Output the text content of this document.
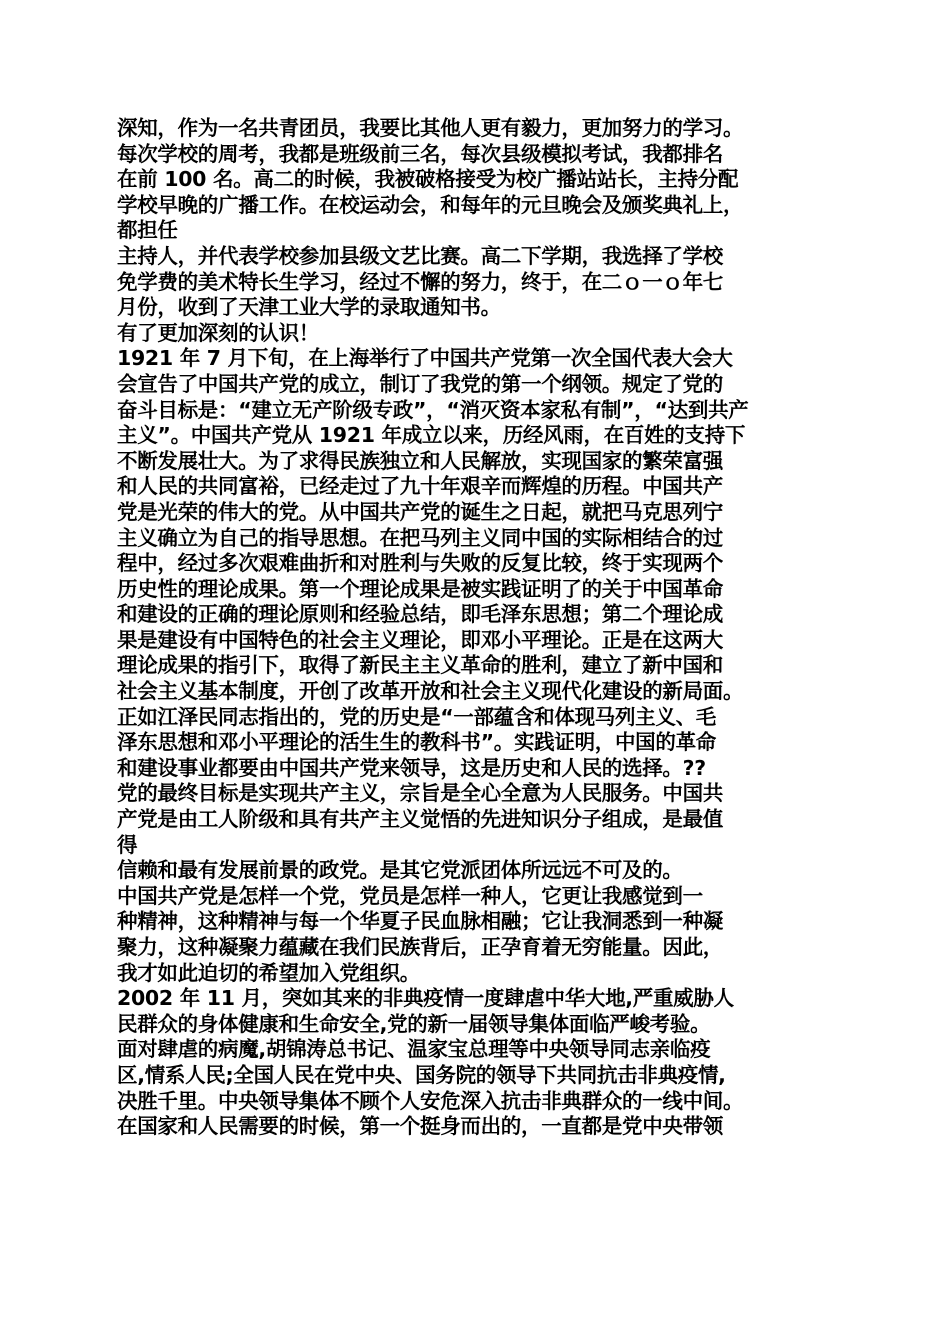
深知，作为一名共青团员，我要比其他人更有毅力，更加努力的学习。
每次学校的周考，我都是班级前三名，每次县级模拟考试，我都排名
在前 100 名。高二的时候，我被破格接受为校广播站站长，主持分配
学校早晚的广播工作。在校运动会，和每年的元旦晚会及颁奖典礼上，
都担任
主持人，并代表学校参加县级文艺比赛。高二下学期，我选择了学校
免学费的美术特长生学习，经过不懈的努力，终于，在二ｏ一ｏ年七
月份，收到了天津工业大学的录取通知书。
有了更加深刻的认识！
1921 年 7 月下旬，在上海举行了中国共产党第一次全国代表大会大
会宣告了中国共产党的成立，制订了我党的第一个纲领。规定了党的
奋斗目标是：“建立无产阶级专政”，“消灭资本家私有制”，“达到共产
主义”。中国共产党从 1921 年成立以来，历经风雨，在百姓的支持下
不断发展壮大。为了求得民族独立和人民解放，实现国家的繁荣富强
和人民的共同富裕，已经走过了九十年艰辛而辉煌的历程。中国共产
党是光荣的伟大的党。从中国共产党的诞生之日起，就把马克思列宁
主义确立为自己的指导思想。在把马列主义同中国的实际相结合的过
程中，经过多次艰难曲折和对胜利与失败的反复比较，终于实现两个
历史性的理论成果。第一个理论成果是被实践证明了的关于中国革命
和建设的正确的理论原则和经验总结，即毛泽东思想；第二个理论成
果是建设有中国特色的社会主义理论，即邓小平理论。正是在这两大
理论成果的指引下，取得了新民主主义革命的胜利，建立了新中国和
社会主义基本制度，开创了改革开放和社会主义现代化建设的新局面。
正如江泽民同志指出的，党的历史是“一部蕴含和体现马列主义、毛
泽东思想和邓小平理论的活生生的教科书”。实践证明，中国的革命
和建设事业都要由中国共产党来领导，这是历史和人民的选择。??
党的最终目标是实现共产主义，宗旨是全心全意为人民服务。中国共
产党是由工人阶级和具有共产主义觉悟的先进知识分子组成，是最值
得
信赖和最有发展前景的政党。是其它党派团体所远远不可及的。
中国共产党是怎样一个党，党员是怎样一种人，它更让我感觉到一
种精神，这种精神与每一个华夏子民血脉相融；它让我洞悉到一种凝
聚力，这种凝聚力蕴藏在我们民族背后，正孕育着无穷能量。因此，
我才如此迫切的希望加入党组织。
2002 年 11 月，突如其来的非典疫情一度肆虐中华大地,严重威胁人
民群众的身体健康和生命安全,党的新一届领导集体面临严峻考验。
面对肆虐的病魔,胡锦涛总书记、温家宝总理等中央领导同志亲临疫
区,情系人民;全国人民在党中央、国务院的领导下共同抗击非典疫情,
决胜千里。中央领导集体不顾个人安危深入抗击非典群众的一线中间。
在国家和人民需要的时候，第一个挺身而出的，一直都是党中央带领
